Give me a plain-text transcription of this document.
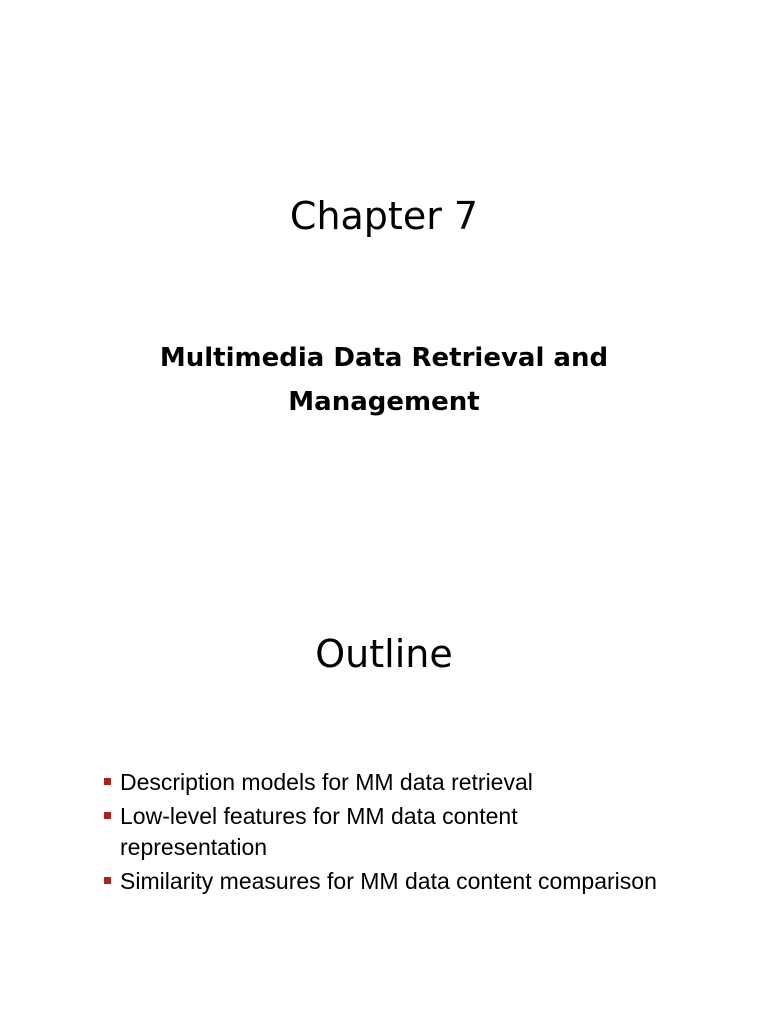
Chapter 7
Multimedia Data Retrieval and Management
Outline
Description models for MM data retrieval
Low-level features for MM data content representation
Similarity measures for MM data content comparison
